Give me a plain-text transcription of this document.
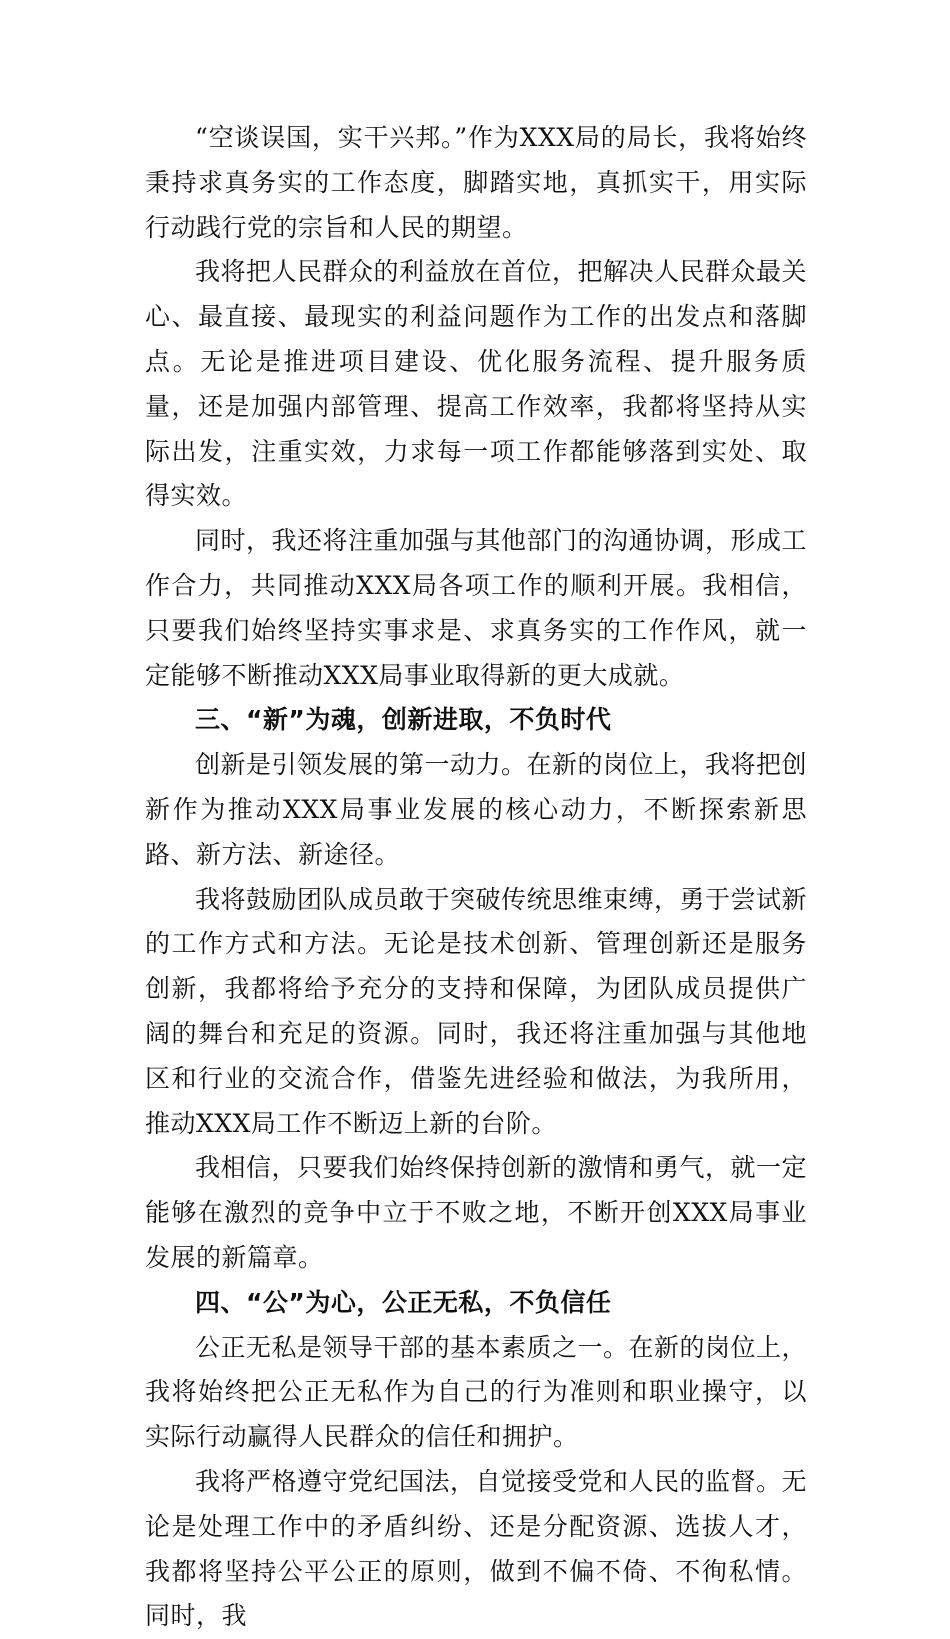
“空谈误国，实干兴邦。”作为XXX局的局长，我将始终秉持求真务实的工作态度，脚踏实地，真抓实干，用实际行动践行党的宗旨和人民的期望。

我将把人民群众的利益放在首位，把解决人民群众最关心、最直接、最现实的利益问题作为工作的出发点和落脚点。无论是推进项目建设、优化服务流程、提升服务质量，还是加强内部管理、提高工作效率，我都将坚持从实际出发，注重实效，力求每一项工作都能够落到实处、取得实效。

同时，我还将注重加强与其他部门的沟通协调，形成工作合力，共同推动XXX局各项工作的顺利开展。我相信，只要我们始终坚持实事求是、求真务实的工作作风，就一定能够不断推动XXX局事业取得新的更大成就。

三、“新”为魂，创新进取，不负时代

创新是引领发展的第一动力。在新的岗位上，我将把创新作为推动XXX局事业发展的核心动力，不断探索新思路、新方法、新途径。

我将鼓励团队成员敢于突破传统思维束缚，勇于尝试新的工作方式和方法。无论是技术创新、管理创新还是服务创新，我都将给予充分的支持和保障，为团队成员提供广阔的舞台和充足的资源。同时，我还将注重加强与其他地区和行业的交流合作，借鉴先进经验和做法，为我所用，推动XXX局工作不断迈上新的台阶。

我相信，只要我们始终保持创新的激情和勇气，就一定能够在激烈的竞争中立于不败之地，不断开创XXX局事业发展的新篇章。

四、“公”为心，公正无私，不负信任

公正无私是领导干部的基本素质之一。在新的岗位上，我将始终把公正无私作为自己的行为准则和职业操守，以实际行动赢得人民群众的信任和拥护。

我将严格遵守党纪国法，自觉接受党和人民的监督。无论是处理工作中的矛盾纠纷、还是分配资源、选拔人才，我都将坚持公平公正的原则，做到不偏不倚、不徇私情。同时，我
